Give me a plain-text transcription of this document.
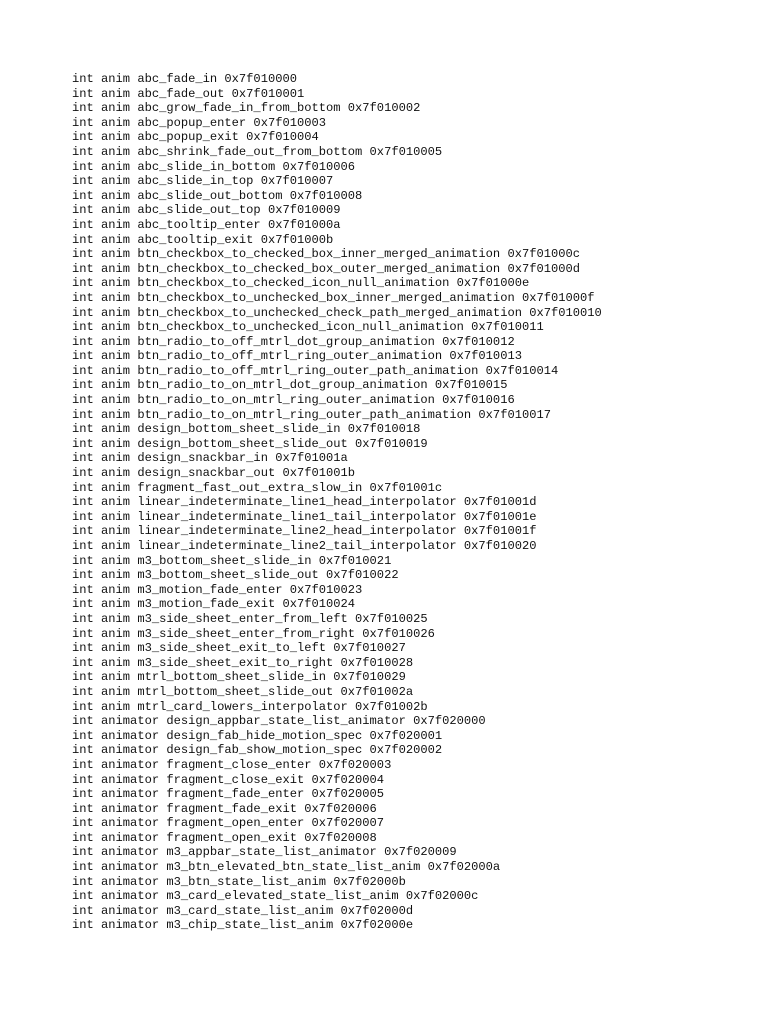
int anim abc_fade_in 0x7f010000
int anim abc_fade_out 0x7f010001
int anim abc_grow_fade_in_from_bottom 0x7f010002
int anim abc_popup_enter 0x7f010003
int anim abc_popup_exit 0x7f010004
int anim abc_shrink_fade_out_from_bottom 0x7f010005
int anim abc_slide_in_bottom 0x7f010006
int anim abc_slide_in_top 0x7f010007
int anim abc_slide_out_bottom 0x7f010008
int anim abc_slide_out_top 0x7f010009
int anim abc_tooltip_enter 0x7f01000a
int anim abc_tooltip_exit 0x7f01000b
int anim btn_checkbox_to_checked_box_inner_merged_animation 0x7f01000c
int anim btn_checkbox_to_checked_box_outer_merged_animation 0x7f01000d
int anim btn_checkbox_to_checked_icon_null_animation 0x7f01000e
int anim btn_checkbox_to_unchecked_box_inner_merged_animation 0x7f01000f
int anim btn_checkbox_to_unchecked_check_path_merged_animation 0x7f010010
int anim btn_checkbox_to_unchecked_icon_null_animation 0x7f010011
int anim btn_radio_to_off_mtrl_dot_group_animation 0x7f010012
int anim btn_radio_to_off_mtrl_ring_outer_animation 0x7f010013
int anim btn_radio_to_off_mtrl_ring_outer_path_animation 0x7f010014
int anim btn_radio_to_on_mtrl_dot_group_animation 0x7f010015
int anim btn_radio_to_on_mtrl_ring_outer_animation 0x7f010016
int anim btn_radio_to_on_mtrl_ring_outer_path_animation 0x7f010017
int anim design_bottom_sheet_slide_in 0x7f010018
int anim design_bottom_sheet_slide_out 0x7f010019
int anim design_snackbar_in 0x7f01001a
int anim design_snackbar_out 0x7f01001b
int anim fragment_fast_out_extra_slow_in 0x7f01001c
int anim linear_indeterminate_line1_head_interpolator 0x7f01001d
int anim linear_indeterminate_line1_tail_interpolator 0x7f01001e
int anim linear_indeterminate_line2_head_interpolator 0x7f01001f
int anim linear_indeterminate_line2_tail_interpolator 0x7f010020
int anim m3_bottom_sheet_slide_in 0x7f010021
int anim m3_bottom_sheet_slide_out 0x7f010022
int anim m3_motion_fade_enter 0x7f010023
int anim m3_motion_fade_exit 0x7f010024
int anim m3_side_sheet_enter_from_left 0x7f010025
int anim m3_side_sheet_enter_from_right 0x7f010026
int anim m3_side_sheet_exit_to_left 0x7f010027
int anim m3_side_sheet_exit_to_right 0x7f010028
int anim mtrl_bottom_sheet_slide_in 0x7f010029
int anim mtrl_bottom_sheet_slide_out 0x7f01002a
int anim mtrl_card_lowers_interpolator 0x7f01002b
int animator design_appbar_state_list_animator 0x7f020000
int animator design_fab_hide_motion_spec 0x7f020001
int animator design_fab_show_motion_spec 0x7f020002
int animator fragment_close_enter 0x7f020003
int animator fragment_close_exit 0x7f020004
int animator fragment_fade_enter 0x7f020005
int animator fragment_fade_exit 0x7f020006
int animator fragment_open_enter 0x7f020007
int animator fragment_open_exit 0x7f020008
int animator m3_appbar_state_list_animator 0x7f020009
int animator m3_btn_elevated_btn_state_list_anim 0x7f02000a
int animator m3_btn_state_list_anim 0x7f02000b
int animator m3_card_elevated_state_list_anim 0x7f02000c
int animator m3_card_state_list_anim 0x7f02000d
int animator m3_chip_state_list_anim 0x7f02000e
